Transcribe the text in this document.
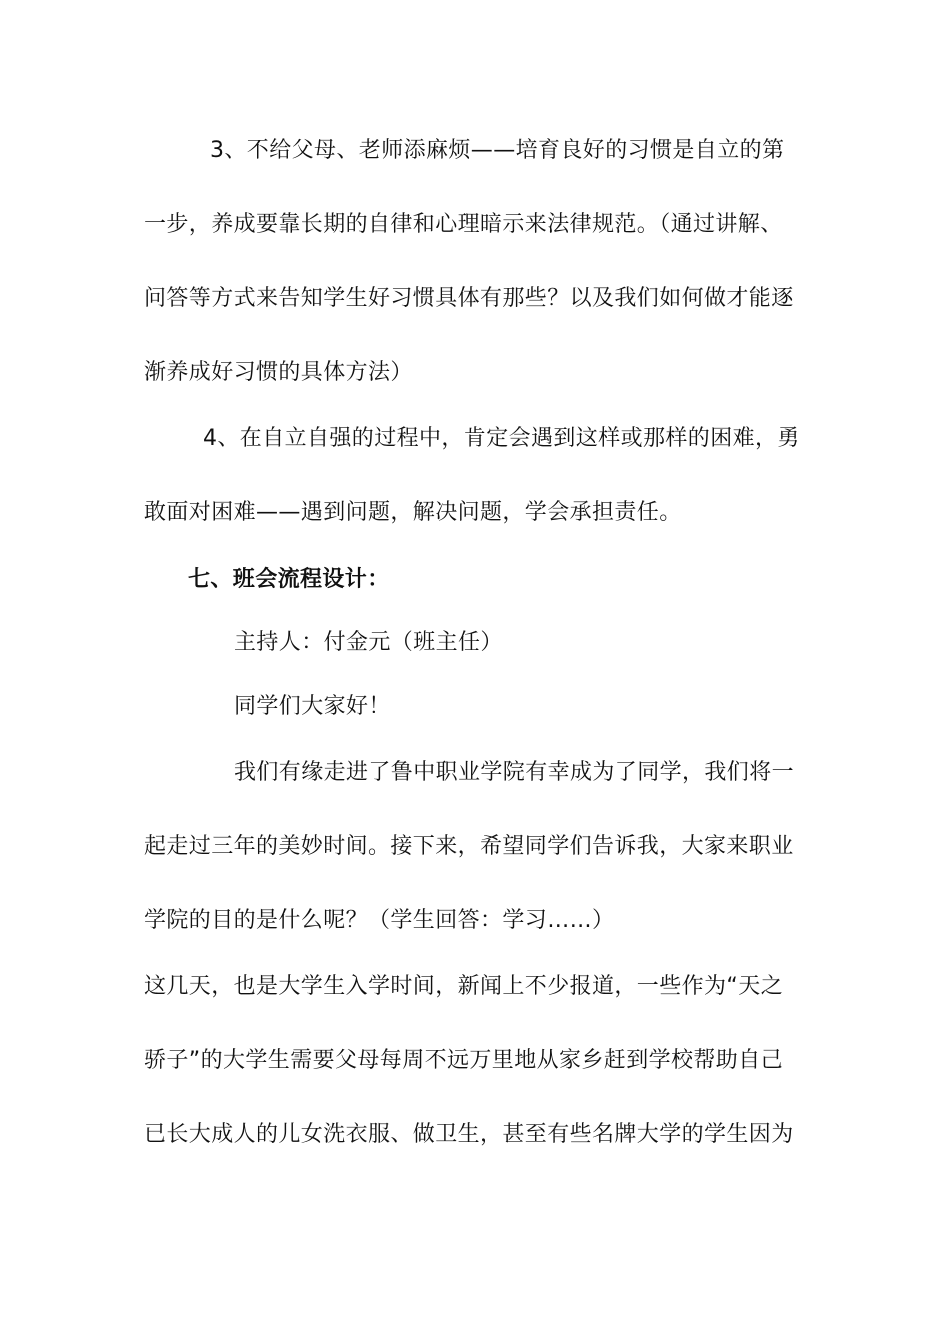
3、不给父母、老师添麻烦——培育良好的习惯是自立的第
一步，养成要靠长期的自律和心理暗示来法律规范。（通过讲解、
问答等方式来告知学生好习惯具体有那些？以及我们如何做才能逐
渐养成好习惯的具体方法）
4、在自立自强的过程中，肯定会遇到这样或那样的困难，勇
敢面对困难——遇到问题，解决问题，学会承担责任。
七、班会流程设计：
主持人：付金元（班主任）
同学们大家好！
我们有缘走进了鲁中职业学院有幸成为了同学，我们将一
起走过三年的美妙时间。接下来，希望同学们告诉我，大家来职业
学院的目的是什么呢？（学生回答：学习……）
这几天，也是大学生入学时间，新闻上不少报道，一些作为“天之
骄子”的大学生需要父母每周不远万里地从家乡赶到学校帮助自己
已长大成人的儿女洗衣服、做卫生，甚至有些名牌大学的学生因为
